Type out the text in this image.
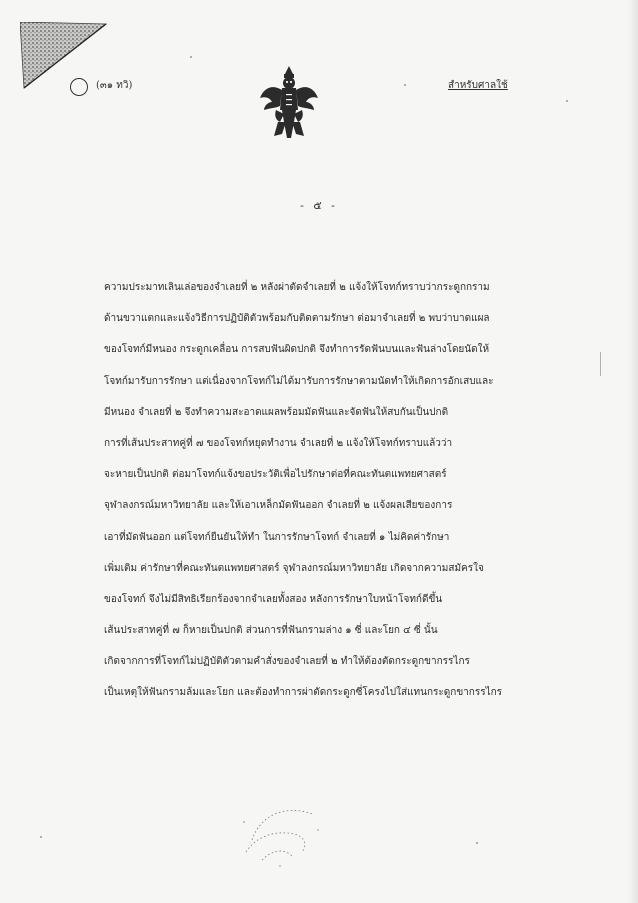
(๓๑ ทวิ)	สำหรับศาลใช้
- ๕ -
ความประมาทเลินเล่อของจำเลยที่ ๒ หลังผ่าตัดจำเลยที่ ๒ แจ้งให้โจทก์ทราบว่ากระดูกกราม
ด้านขวาแตกและแจ้งวิธีการปฏิบัติตัวพร้อมกับติดตามรักษา ต่อมาจำเลยที่ ๒ พบว่าบาดแผล
ของโจทก์มีหนอง กระดูกเคลื่อน การสบฟันผิดปกติ จึงทำการรัดฟันบนและฟันล่างโดยนัดให้
โจทก์มารับการรักษา แต่เนื่องจากโจทก์ไม่ได้มารับการรักษาตามนัดทำให้เกิดการอักเสบและ
มีหนอง จำเลยที่ ๒ จึงทำความสะอาดแผลพร้อมมัดฟันและจัดฟันให้สบกันเป็นปกติ
การที่เส้นประสาทคู่ที่ ๗ ของโจทก์หยุดทำงาน จำเลยที่ ๒ แจ้งให้โจทก์ทราบแล้วว่า
จะหายเป็นปกติ ต่อมาโจทก์แจ้งขอประวัติเพื่อไปรักษาต่อที่คณะทันตแพทยศาสตร์
จุฬาลงกรณ์มหาวิทยาลัย และให้เอาเหล็กมัดฟันออก จำเลยที่ ๒ แจ้งผลเสียของการ
เอาที่มัดฟันออก แต่โจทก์ยืนยันให้ทำ ในการรักษาโจทก์ จำเลยที่ ๑ ไม่คิดค่ารักษา
เพิ่มเติม ค่ารักษาที่คณะทันตแพทยศาสตร์ จุฬาลงกรณ์มหาวิทยาลัย เกิดจากความสมัครใจ
ของโจทก์ จึงไม่มีสิทธิเรียกร้องจากจำเลยทั้งสอง หลังการรักษาใบหน้าโจทก์ดีขึ้น
เส้นประสาทคู่ที่ ๗ ก็หายเป็นปกติ ส่วนการที่ฟันกรามล่าง ๑ ซี่ และโยก ๔ ซี่ นั้น
เกิดจากการที่โจทก์ไม่ปฏิบัติตัวตามคำสั่งของจำเลยที่ ๒ ทำให้ต้องตัดกระดูกขากรรไกร
เป็นเหตุให้ฟันกรามล้มและโยก และต้องทำการผ่าตัดกระดูกซี่โครงไปใส่แทนกระดูกขากรรไกร
